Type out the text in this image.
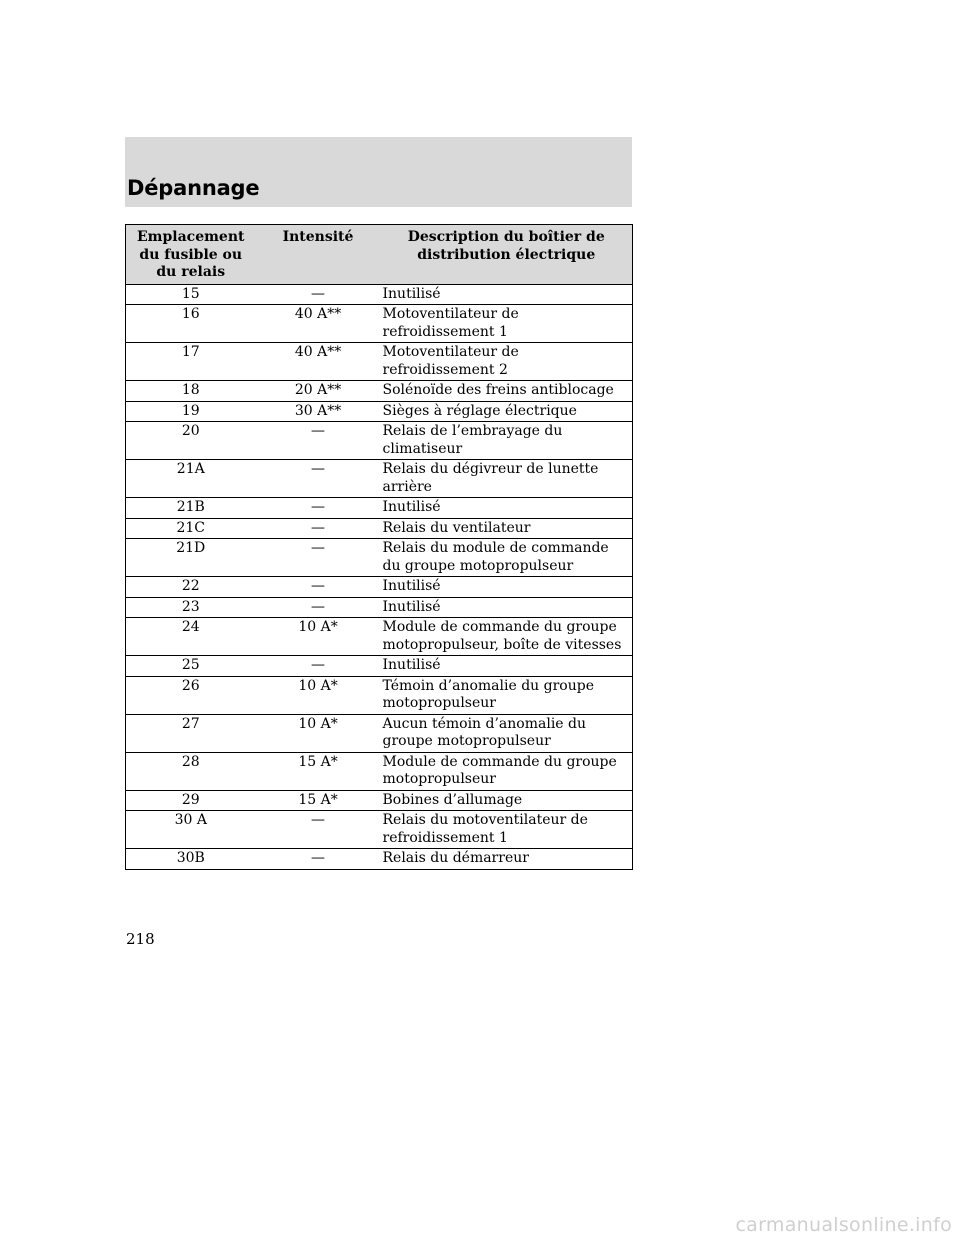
Dépannage
Emplacement du fusible ou du relais	Intensité	Description du boîtier de distribution électrique
15	—	Inutilisé
16	40 A**	Motoventilateur de refroidissement 1
17	40 A**	Motoventilateur de refroidissement 2
18	20 A**	Solénoïde des freins antiblocage
19	30 A**	Sièges à réglage électrique
20	—	Relais de l’embrayage du climatiseur
21A	—	Relais du dégivreur de lunette arrière
21B	—	Inutilisé
21C	—	Relais du ventilateur
21D	—	Relais du module de commande du groupe motopropulseur
22	—	Inutilisé
23	—	Inutilisé
24	10 A*	Module de commande du groupe motopropulseur, boîte de vitesses
25	—	Inutilisé
26	10 A*	Témoin d’anomalie du groupe motopropulseur
27	10 A*	Aucun témoin d’anomalie du groupe motopropulseur
28	15 A*	Module de commande du groupe motopropulseur
29	15 A*	Bobines d’allumage
30 A	—	Relais du motoventilateur de refroidissement 1
30B	—	Relais du démarreur
218
carmanualsonline.info
